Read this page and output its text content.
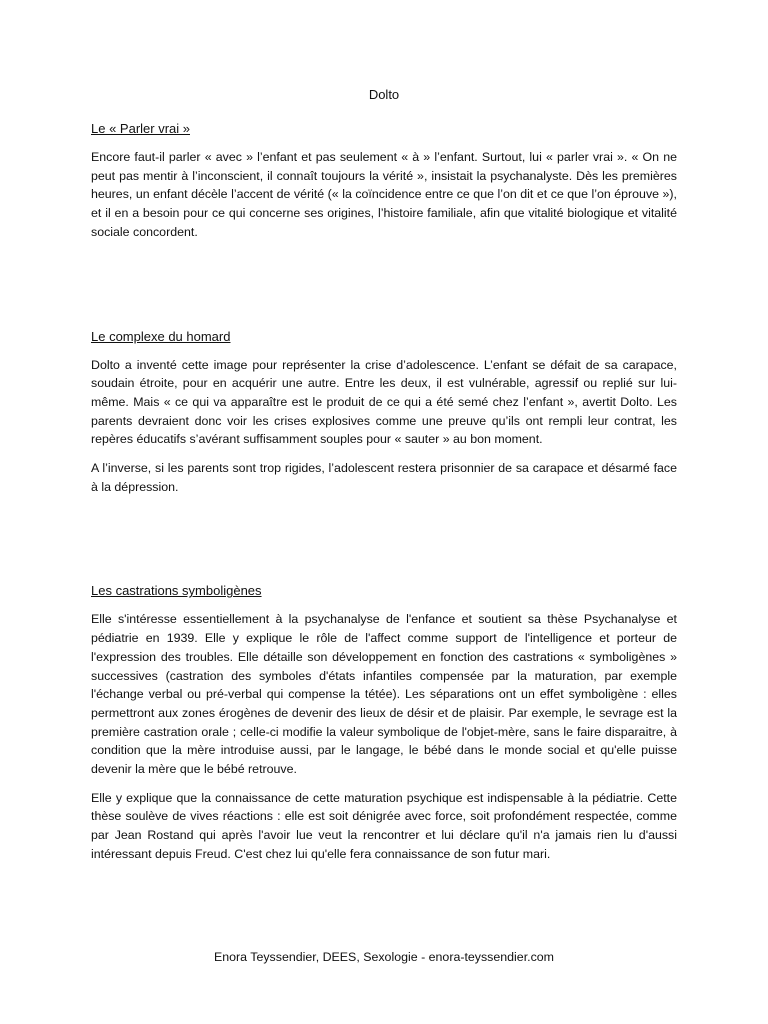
Dolto
Le « Parler vrai »

Encore faut-il parler « avec » l’enfant et pas seulement « à » l’enfant. Surtout, lui « parler vrai ». « On ne peut pas mentir à l’inconscient, il connaît toujours la vérité », insistait la psychanalyste. Dès les premières heures, un enfant décèle l’accent de vérité (« la coïncidence entre ce que l’on dit et ce que l’on éprouve »), et il en a besoin pour ce qui concerne ses origines, l’histoire familiale, afin que vitalité biologique et vitalité sociale concordent.

Le complexe du homard

Dolto a inventé cette image pour représenter la crise d’adolescence. L’enfant se défait de sa carapace, soudain étroite, pour en acquérir une autre. Entre les deux, il est vulnérable, agressif ou replié sur lui-même. Mais « ce qui va apparaître est le produit de ce qui a été semé chez l’enfant », avertit Dolto. Les parents devraient donc voir les crises explosives comme une preuve qu’ils ont rempli leur contrat, les repères éducatifs s’avérant suffisamment souples pour « sauter » au bon moment.

A l’inverse, si les parents sont trop rigides, l’adolescent restera prisonnier de sa carapace et désarmé face à la dépression.

Les castrations symboligènes

Elle s'intéresse essentiellement à la psychanalyse de l'enfance et soutient sa thèse Psychanalyse et pédiatrie en 1939. Elle y explique le rôle de l'affect comme support de l'intelligence et porteur de l'expression des troubles. Elle détaille son développement en fonction des castrations « symboligènes » successives (castration des symboles d'états infantiles compensée par la maturation, par exemple l'échange verbal ou pré-verbal qui compense la tétée). Les séparations ont un effet symboligène : elles permettront aux zones érogènes de devenir des lieux de désir et de plaisir. Par exemple, le sevrage est la première castration orale ; celle-ci modifie la valeur symbolique de l'objet-mère, sans le faire disparaitre, à condition que la mère introduise aussi, par le langage, le bébé dans le monde social et qu'elle puisse devenir la mère que le bébé retrouve.

Elle y explique que la connaissance de cette maturation psychique est indispensable à la pédiatrie. Cette thèse soulève de vives réactions : elle est soit dénigrée avec force, soit profondément respectée, comme par Jean Rostand qui après l'avoir lue veut la rencontrer et lui déclare qu'il n'a jamais rien lu d'aussi intéressant depuis Freud. C'est chez lui qu'elle fera connaissance de son futur mari.

Enora Teyssendier, DEES, Sexologie - enora-teyssendier.com
